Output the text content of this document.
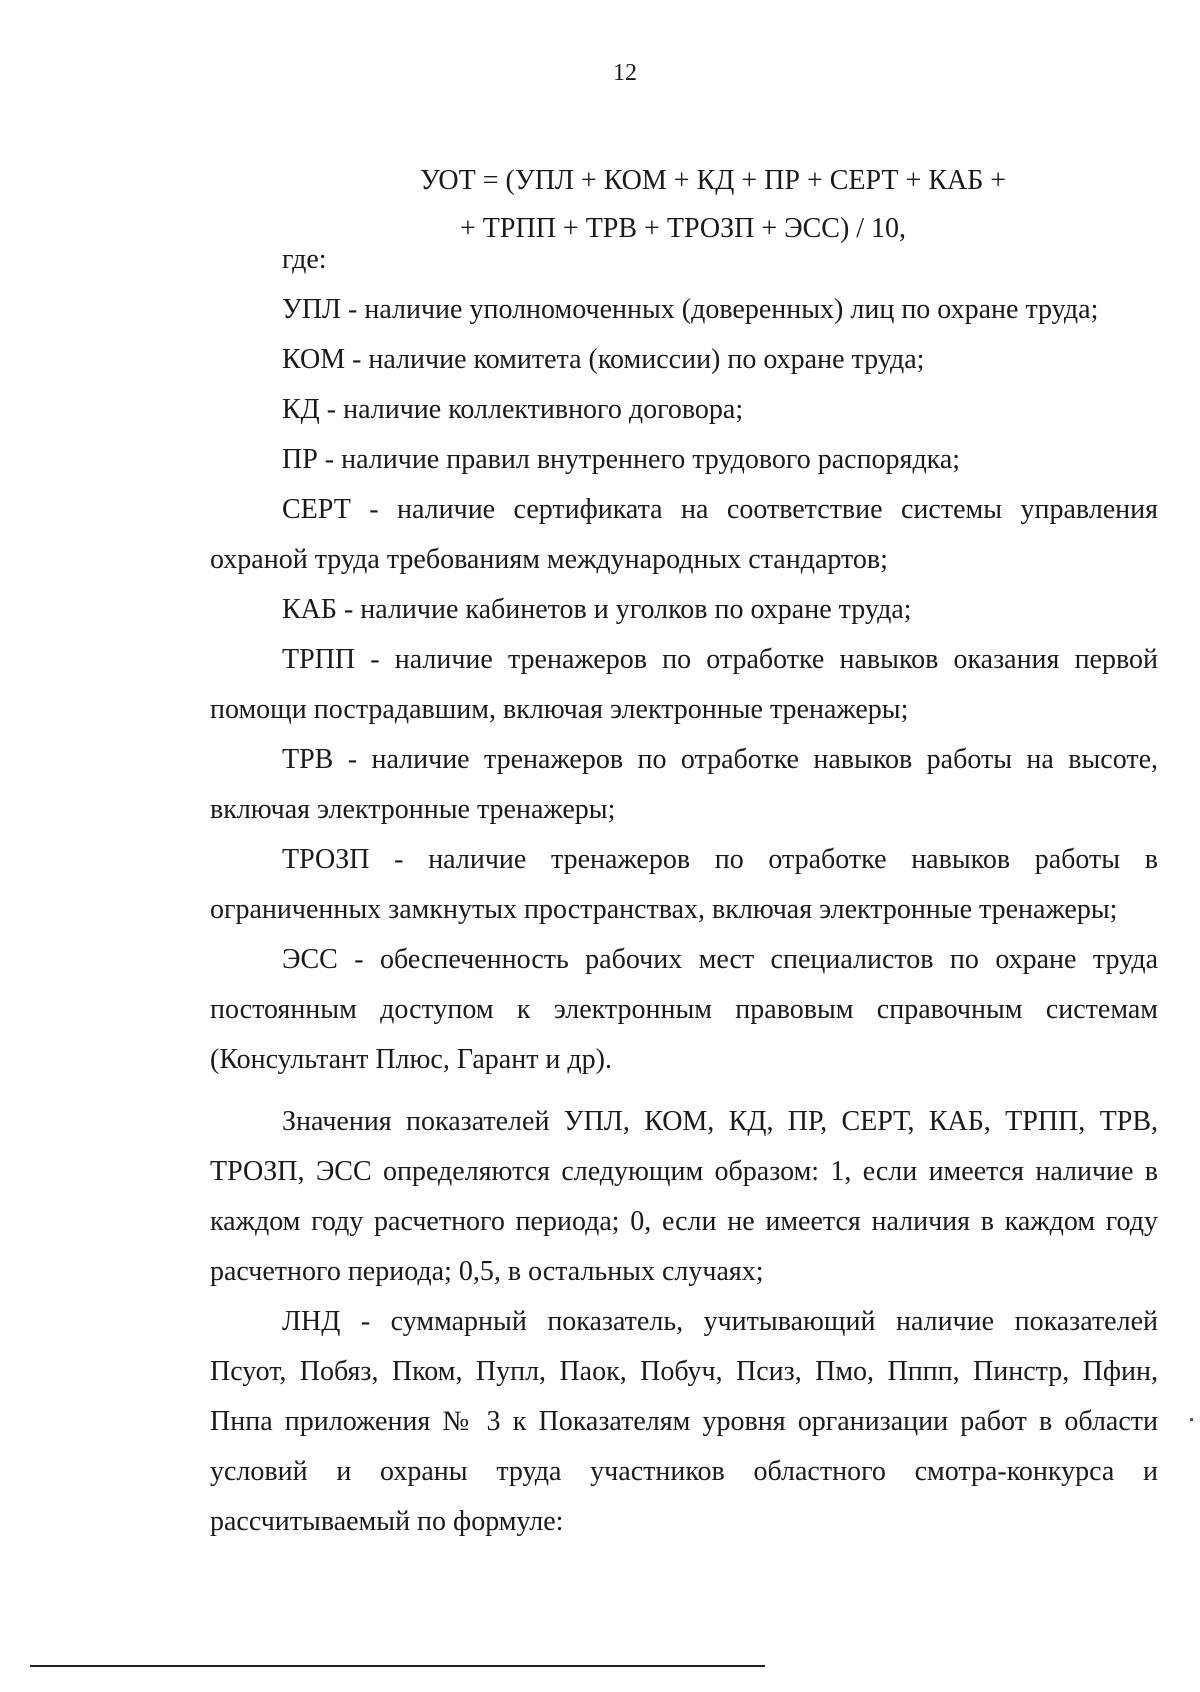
12
УОТ = (УПЛ + КОМ + КД + ПР + СЕРТ + КАБ +
+ ТРПП + ТРВ + ТРОЗП + ЭСС) / 10,

где:

УПЛ - наличие уполномоченных (доверенных) лиц по охране труда;

КОМ - наличие комитета (комиссии) по охране труда;

КД - наличие коллективного договора;

ПР - наличие правил внутреннего трудового распорядка;

СЕРТ - наличие сертификата на соответствие системы управления охраной труда требованиям международных стандартов;

КАБ - наличие кабинетов и уголков по охране труда;

ТРПП - наличие тренажеров по отработке навыков оказания первой помощи пострадавшим, включая электронные тренажеры;

ТРВ - наличие тренажеров по отработке навыков работы на высоте, включая электронные тренажеры;

ТРОЗП - наличие тренажеров по отработке навыков работы в ограниченных замкнутых пространствах, включая электронные тренажеры;

ЭСС - обеспеченность рабочих мест специалистов по охране труда постоянным доступом к электронным правовым справочным системам (Консультант Плюс, Гарант и др).

Значения показателей УПЛ, КОМ, КД, ПР, СЕРТ, КАБ, ТРПП, ТРВ, ТРОЗП, ЭСС определяются следующим образом: 1, если имеется наличие в каждом году расчетного периода; 0, если не имеется наличия в каждом году расчетного периода; 0,5, в остальных случаях;

ЛНД - суммарный показатель, учитывающий наличие показателей Псуот, Побяз, Пком, Пупл, Паок, Побуч, Псиз, Пмо, Пппп, Пинстр, Пфин, Пнпа приложения № 3 к Показателям уровня организации работ в области условий и охраны труда участников областного смотра-конкурса и рассчитываемый по формуле:
